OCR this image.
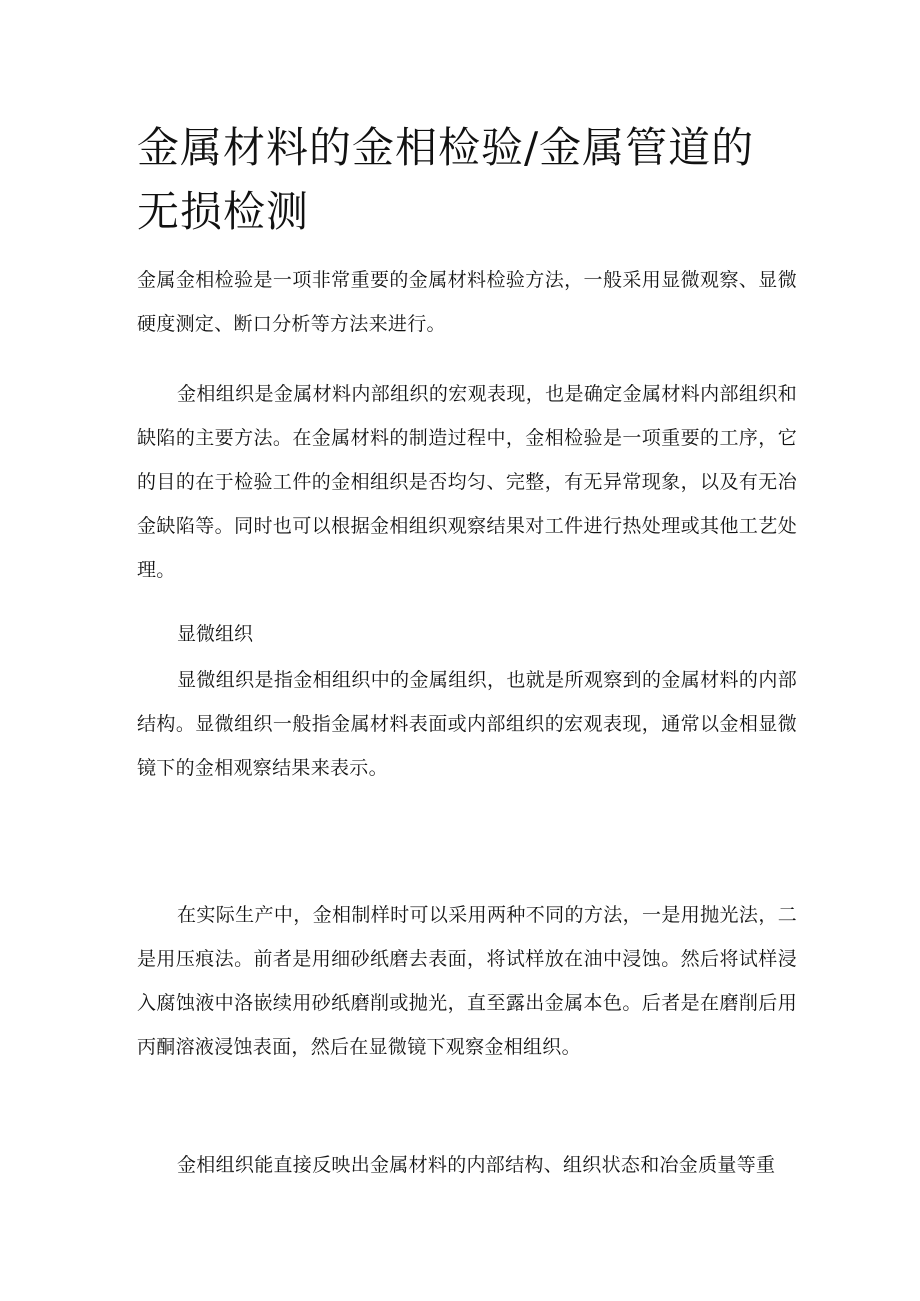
金属材料的金相检验/金属管道的无损检测

金属金相检验是一项非常重要的金属材料检验方法，一般采用显微观察、显微硬度测定、断口分析等方法来进行。

金相组织是金属材料内部组织的宏观表现，也是确定金属材料内部组织和缺陷的主要方法。在金属材料的制造过程中，金相检验是一项重要的工序，它的目的在于检验工件的金相组织是否均匀、完整，有无异常现象，以及有无冶金缺陷等。同时也可以根据金相组织观察结果对工件进行热处理或其他工艺处理。

显微组织

显微组织是指金相组织中的金属组织，也就是所观察到的金属材料的内部结构。显微组织一般指金属材料表面或内部组织的宏观表现，通常以金相显微镜下的金相观察结果来表示。

在实际生产中，金相制样时可以采用两种不同的方法，一是用抛光法，二是用压痕法。前者是用细砂纸磨去表面，将试样放在油中浸蚀。然后将试样浸入腐蚀液中洛嵌续用砂纸磨削或抛光，直至露出金属本色。后者是在磨削后用丙酮溶液浸蚀表面，然后在显微镜下观察金相组织。

金相组织能直接反映出金属材料的内部结构、组织状态和冶金质量等重
